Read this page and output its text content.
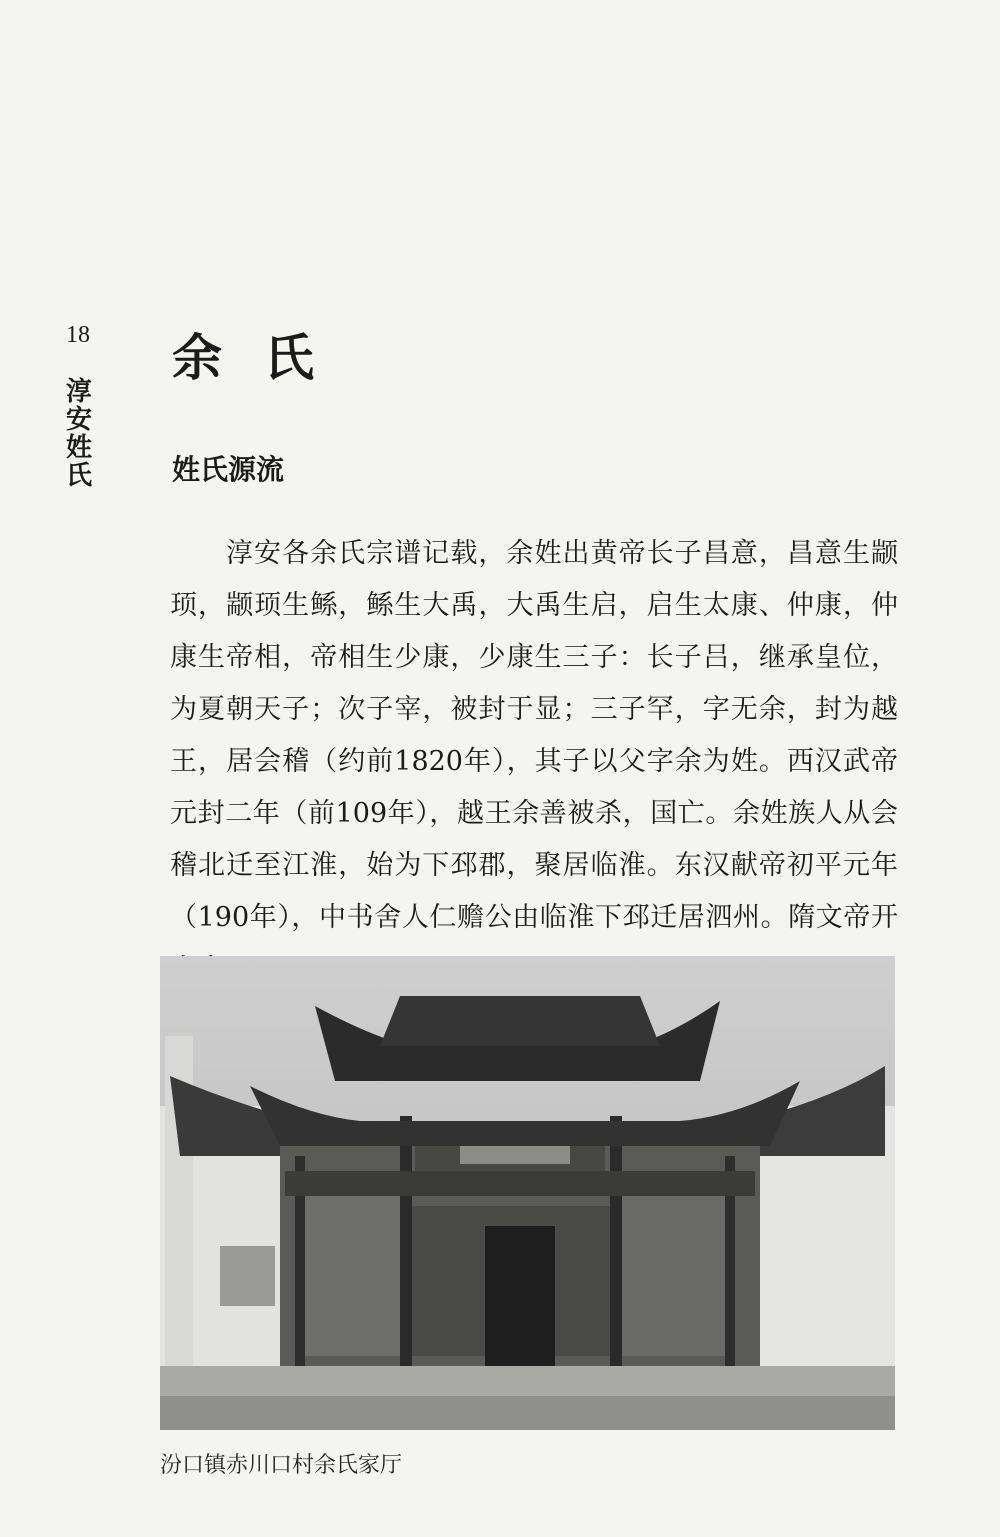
18
淳安姓氏
余氏
姓氏源流

淳安各余氏宗谱记载，余姓出黄帝长子昌意，昌意生颛顼，颛顼生鲧，鲧生大禹，大禹生启，启生太康、仲康，仲康生帝相，帝相生少康，少康生三子：长子吕，继承皇位，为夏朝天子；次子宰，被封于显；三子罕，字无余，封为越王，居会稽（约前1820年），其子以父字余为姓。西汉武帝元封二年（前109年），越王余善被杀，国亡。余姓族人从会稽北迁至江淮，始为下邳郡，聚居临淮。东汉献帝初平元年（190年），中书舍人仁赡公由临淮下邳迁居泗州。隋文帝开

汾口镇赤川口村余氏家厅
